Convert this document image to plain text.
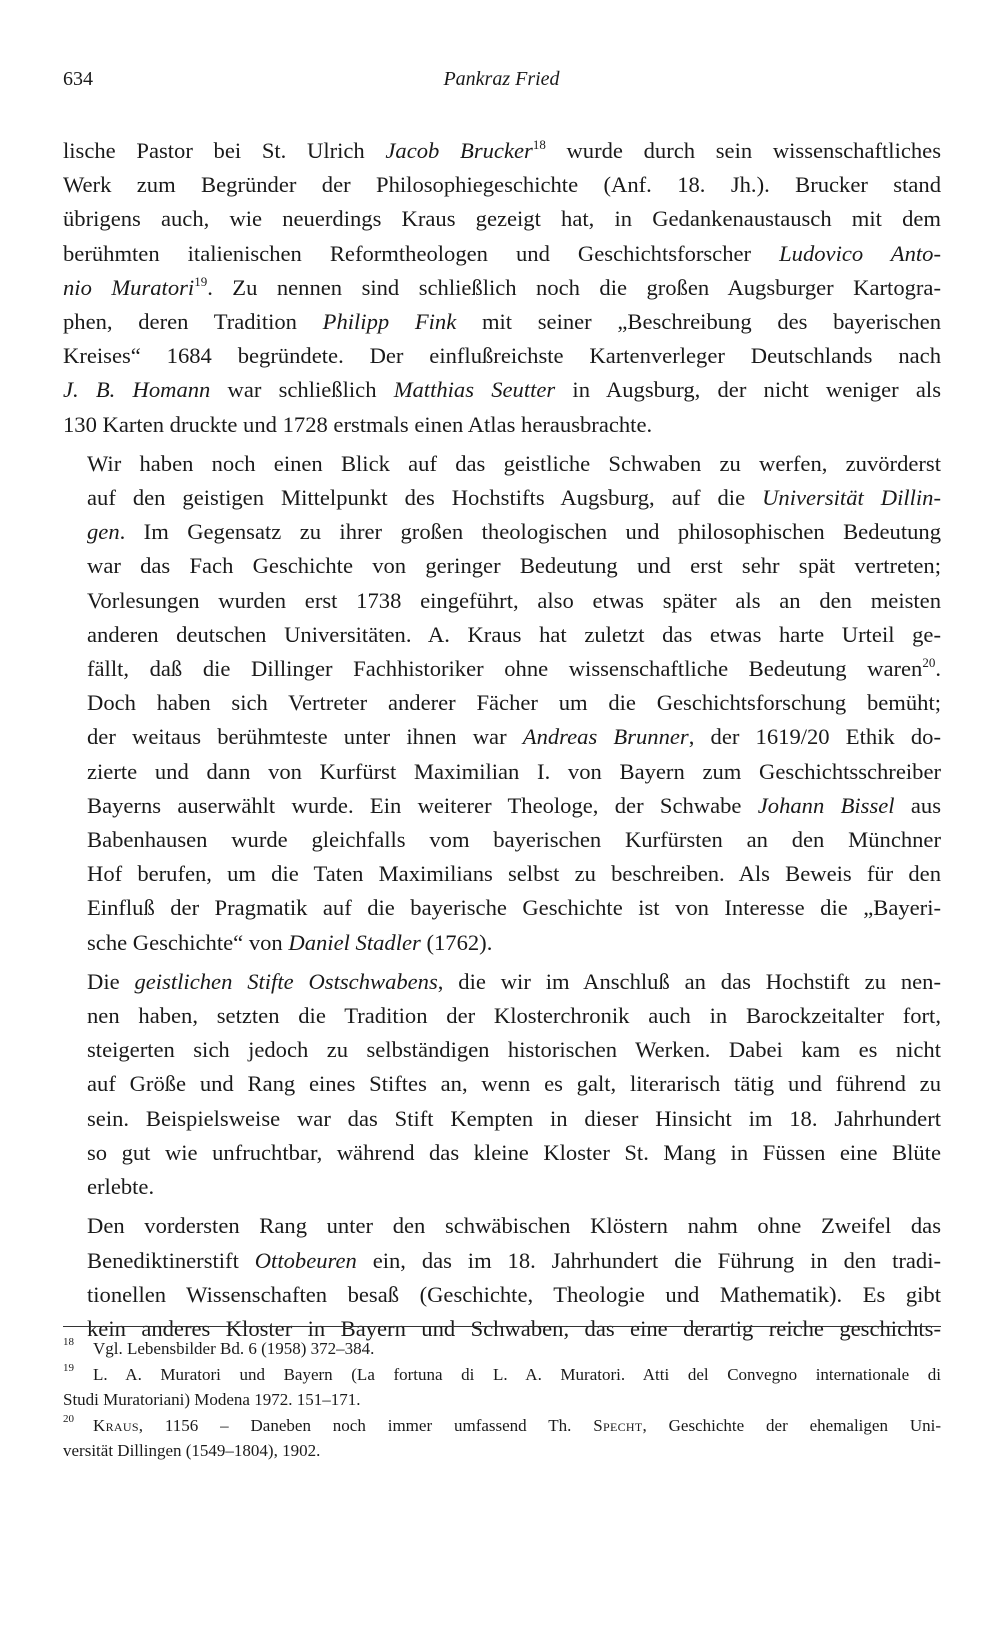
634	Pankraz Fried

lische Pastor bei St. Ulrich Jacob Brucker$^{18}$ wurde durch sein wissenschaftliches
Werk zum Begründer der Philosophiegeschichte (Anf. 18. Jh.). Brucker stand
übrigens auch, wie neuerdings Kraus gezeigt hat, in Gedankenaustausch mit dem
berühmten italienischen Reformtheologen und Geschichtsforscher Ludovico Anto-
nio Muratori$^{19}$. Zu nennen sind schließlich noch die großen Augsburger Kartogra-
phen, deren Tradition Philipp Fink mit seiner „Beschreibung des bayerischen
Kreises“ 1684 begründete. Der einflußreichste Kartenverleger Deutschlands nach
J. B. Homann war schließlich Matthias Seutter in Augsburg, der nicht weniger als
130 Karten druckte und 1728 erstmals einen Atlas herausbrachte.

Wir haben noch einen Blick auf das geistliche Schwaben zu werfen, zuvörderst
auf den geistigen Mittelpunkt des Hochstifts Augsburg, auf die Universität Dillin-
gen. Im Gegensatz zu ihrer großen theologischen und philosophischen Bedeutung
war das Fach Geschichte von geringer Bedeutung und erst sehr spät vertreten;
Vorlesungen wurden erst 1738 eingeführt, also etwas später als an den meisten
anderen deutschen Universitäten. A. Kraus hat zuletzt das etwas harte Urteil ge-
fällt, daß die Dillinger Fachhistoriker ohne wissenschaftliche Bedeutung waren$^{20}$.
Doch haben sich Vertreter anderer Fächer um die Geschichtsforschung bemüht;
der weitaus berühmteste unter ihnen war Andreas Brunner, der 1619/20 Ethik do-
zierte und dann von Kurfürst Maximilian I. von Bayern zum Geschichtsschreiber
Bayerns auserwählt wurde. Ein weiterer Theologe, der Schwabe Johann Bissel aus
Babenhausen wurde gleichfalls vom bayerischen Kurfürsten an den Münchner
Hof berufen, um die Taten Maximilians selbst zu beschreiben. Als Beweis für den
Einfluß der Pragmatik auf die bayerische Geschichte ist von Interesse die „Bayeri-
sche Geschichte“ von Daniel Stadler (1762).

Die geistlichen Stifte Ostschwabens, die wir im Anschluß an das Hochstift zu nen-
nen haben, setzten die Tradition der Klosterchronik auch in Barockzeitalter fort,
steigerten sich jedoch zu selbständigen historischen Werken. Dabei kam es nicht
auf Größe und Rang eines Stiftes an, wenn es galt, literarisch tätig und führend zu
sein. Beispielsweise war das Stift Kempten in dieser Hinsicht im 18. Jahrhundert
so gut wie unfruchtbar, während das kleine Kloster St. Mang in Füssen eine Blüte
erlebte.

Den vordersten Rang unter den schwäbischen Klöstern nahm ohne Zweifel das
Benediktinerstift Ottobeuren ein, das im 18. Jahrhundert die Führung in den tradi-
tionellen Wissenschaften besaß (Geschichte, Theologie und Mathematik). Es gibt
kein anderes Kloster in Bayern und Schwaben, das eine derartig reiche geschichts-

18 Vgl. Lebensbilder Bd. 6 (1958) 372–384.
19 L. A. Muratori und Bayern (La fortuna di L. A. Muratori. Atti del Convegno internationale di
Studi Muratoriani) Modena 1972. 151–171.
20 Kraus, 1156 – Daneben noch immer umfassend Th. Specht, Geschichte der ehemaligen Uni-
versität Dillingen (1549–1804), 1902.
